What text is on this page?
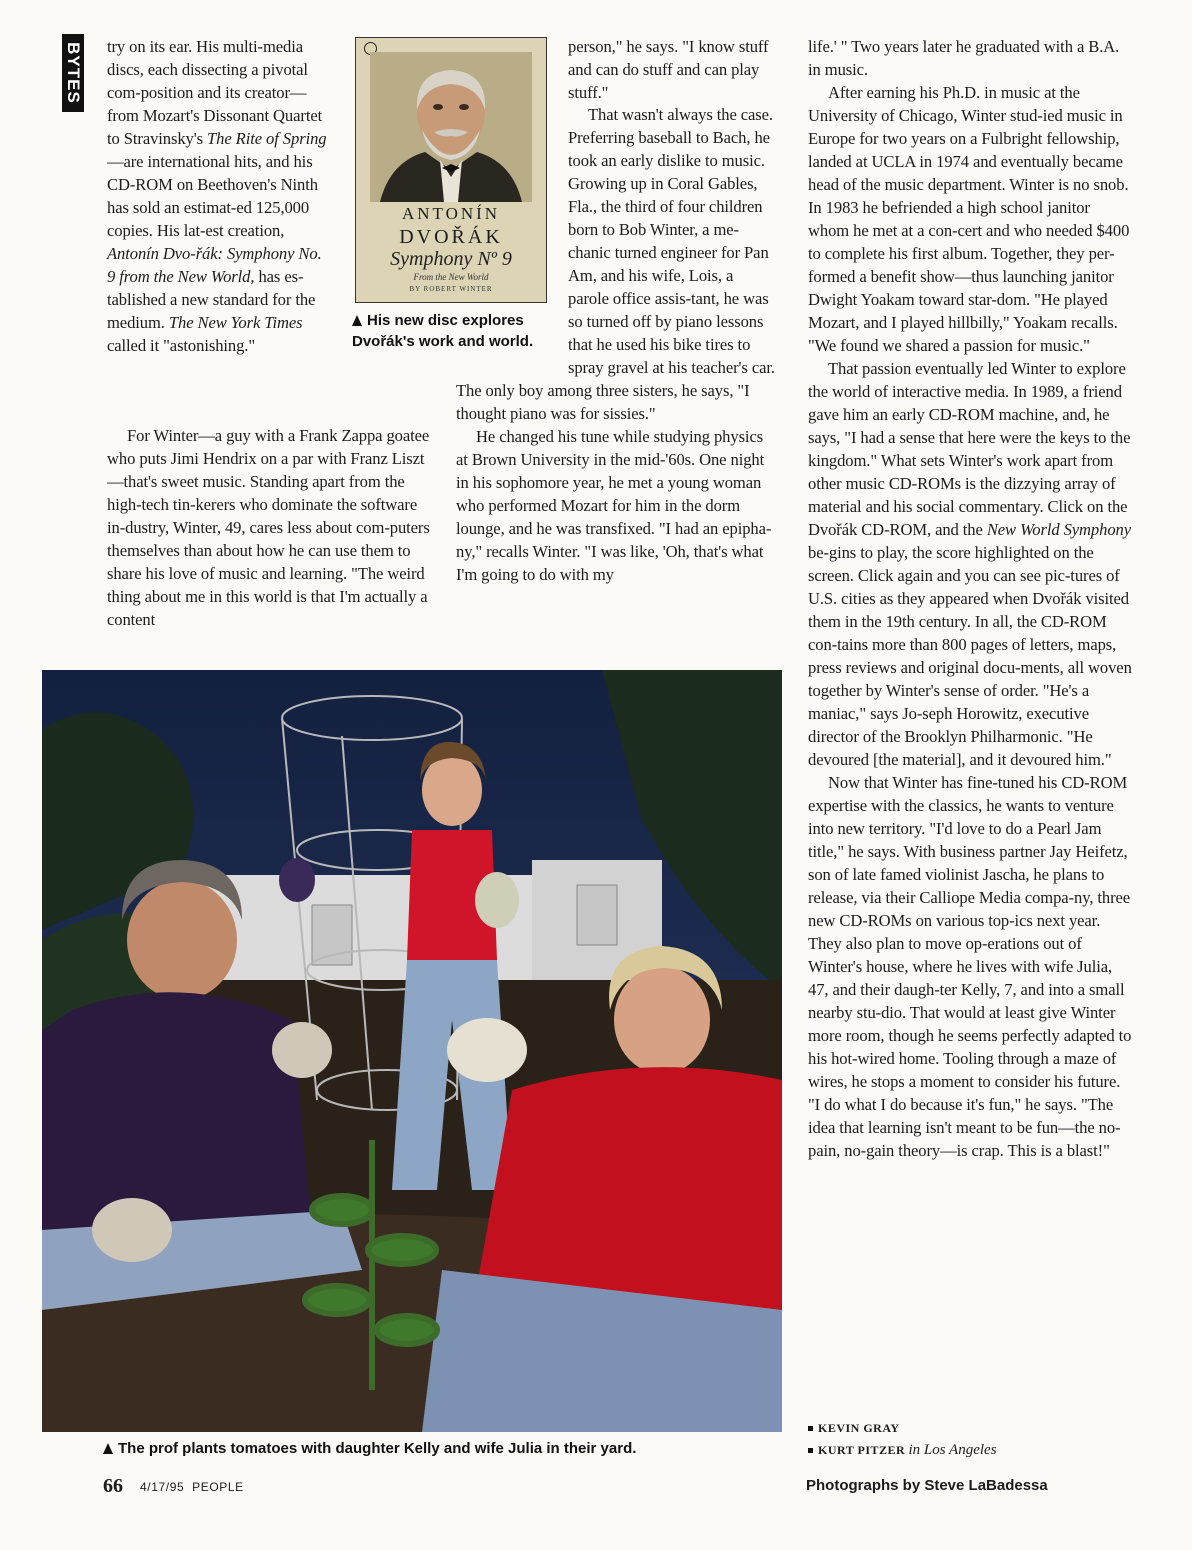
BYTES try on its ear. His multi-media discs, each dissecting a pivotal com-position and its creator—from Mozart's Dissonant Quartet to Stravinsky's The Rite of Spring—are international hits, and his CD-ROM on Beethoven's Ninth has sold an estimat-ed 125,000 copies. His lat-est creation, Antonín Dvo-řák: Symphony No. 9 from the New World, has es-tablished a new standard for the medium. The New York Times called it "astonishing."

For Winter—a guy with a Frank Zappa goatee who puts Jimi Hendrix on a par with Franz Liszt—that's sweet music. Standing apart from the high-tech tin-kerers who dominate the software in-dustry, Winter, 49, cares less about com-puters themselves than about how he can use them to share his love of music and learning. "The weird thing about me in this world is that I'm actually a content

ANTONÍN
DVOŘÁK
Symphony Nº 9
From the New World
BY ROBERT WINTER
His new disc explores Dvořák's work and world.

person," he says. "I know stuff and can do stuff and can play stuff."

That wasn't always the case. Preferring baseball to Bach, he took an early dislike to music. Growing up in Coral Gables, Fla., the third of four children born to Bob Winter, a me-chanic turned engineer for Pan Am, and his wife, Lois, a parole office assis-tant, he was so turned off by piano lessons that he used his bike tires to spray gravel at his teacher's car. The only boy among three sisters, he says, "I thought piano was for sissies."

He changed his tune while studying physics at Brown University in the mid-'60s. One night in his sophomore year, he met a young woman who performed Mozart for him in the dorm lounge, and he was transfixed. "I had an epipha-ny," recalls Winter. "I was like, 'Oh, that's what I'm going to do with my

life.' " Two years later he graduated with a B.A. in music.

After earning his Ph.D. in music at the University of Chicago, Winter stud-ied music in Europe for two years on a Fulbright fellowship, landed at UCLA in 1974 and eventually became head of the music department. Winter is no snob. In 1983 he befriended a high school janitor whom he met at a con-cert and who needed $400 to complete his first album. Together, they per-formed a benefit show—thus launching janitor Dwight Yoakam toward star-dom. "He played Mozart, and I played hillbilly," Yoakam recalls. "We found we shared a passion for music."

That passion eventually led Winter to explore the world of interactive media. In 1989, a friend gave him an early CD-ROM machine, and, he says, "I had a sense that here were the keys to the kingdom." What sets Winter's work apart from other music CD-ROMs is the dizzying array of material and his social commentary. Click on the Dvořák CD-ROM, and the New World Symphony be-gins to play, the score highlighted on the screen. Click again and you can see pic-tures of U.S. cities as they appeared when Dvořák visited them in the 19th century. In all, the CD-ROM con-tains more than 800 pages of letters, maps, press reviews and original docu-ments, all woven together by Winter's sense of order. "He's a maniac," says Jo-seph Horowitz, executive director of the Brooklyn Philharmonic. "He devoured [the material], and it devoured him."

Now that Winter has fine-tuned his CD-ROM expertise with the classics, he wants to venture into new territory. "I'd love to do a Pearl Jam title," he says. With business partner Jay Heifetz, son of late famed violinist Jascha, he plans to release, via their Calliope Media compa-ny, three new CD-ROMs on various top-ics next year. They also plan to move op-erations out of Winter's house, where he lives with wife Julia, 47, and their daugh-ter Kelly, 7, and into a small nearby stu-dio. That would at least give Winter more room, though he seems perfectly adapted to his hot-wired home. Tooling through a maze of wires, he stops a moment to consider his future. "I do what I do because it's fun," he says. "The idea that learning isn't meant to be fun—the no-pain, no-gain theory—is crap. This is a blast!"

KEVIN GRAY
KURT PITZER in Los Angeles
The prof plants tomatoes with daughter Kelly and wife Julia in their yard.
66 4/17/95 PEOPLE	Photographs by Steve LaBadessa
